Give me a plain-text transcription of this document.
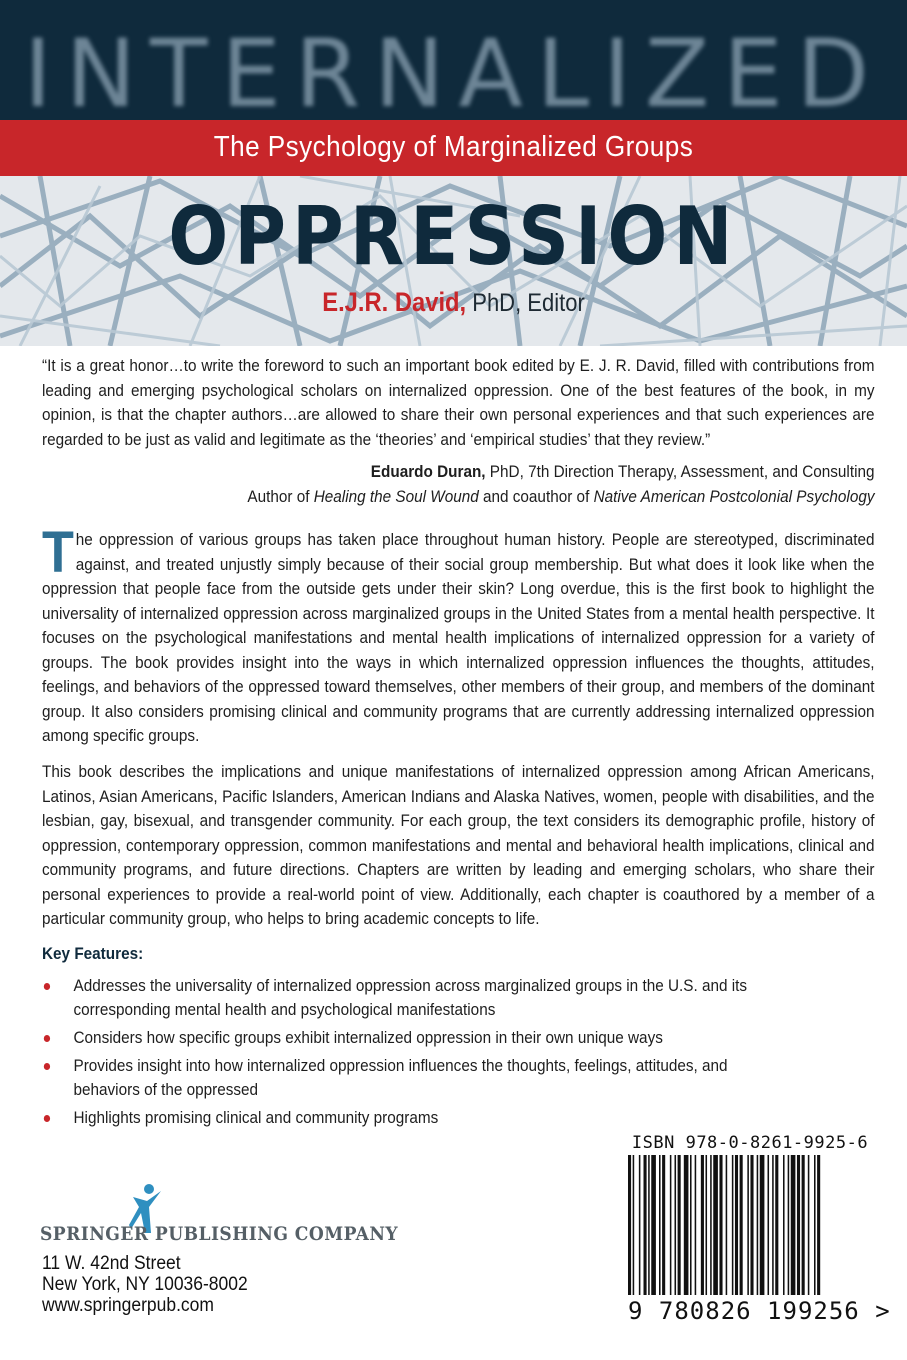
INTERNALIZED
The Psychology of Marginalized Groups
OPPRESSION
E.J.R. David, PhD, Editor

“It is a great honor…to write the foreword to such an important book edited by E. J. R. David, filled with contributions from leading and emerging psychological scholars on internalized oppression. One of the best features of the book, in my opinion, is that the chapter authors…are allowed to share their own personal experiences and that such experiences are regarded to be just as valid and legitimate as the ‘theories’ and ‘empirical studies’ that they review.”

Eduardo Duran, PhD, 7th Direction Therapy, Assessment, and Consulting
Author of Healing the Soul Wound and coauthor of Native American Postcolonial Psychology

The oppression of various groups has taken place throughout human history. People are stereotyped, discriminated against, and treated unjustly simply because of their social group membership. But what does it look like when the oppression that people face from the outside gets under their skin? Long overdue, this is the first book to highlight the universality of internalized oppression across marginalized groups in the United States from a mental health perspective. It focuses on the psychological manifestations and mental health implications of internalized oppression for a variety of groups. The book provides insight into the ways in which internalized oppression influences the thoughts, attitudes, feelings, and behaviors of the oppressed toward themselves, other members of their group, and members of the dominant group. It also considers promising clinical and community programs that are currently addressing internalized oppression among specific groups.

This book describes the implications and unique manifestations of internalized oppression among African Americans, Latinos, Asian Americans, Pacific Islanders, American Indians and Alaska Natives, women, people with disabilities, and the lesbian, gay, bisexual, and transgender community. For each group, the text considers its demographic profile, history of oppression, contemporary oppression, common manifestations and mental and behavioral health implications, clinical and community programs, and future directions. Chapters are written by leading and emerging scholars, who share their personal experiences to provide a real-world point of view. Additionally, each chapter is coauthored by a member of a particular community group, who helps to bring academic concepts to life.

Key Features:
Addresses the universality of internalized oppression across marginalized groups in the U.S. and its corresponding mental health and psychological manifestations
Considers how specific groups exhibit internalized oppression in their own unique ways
Provides insight into how internalized oppression influences the thoughts, feelings, attitudes, and behaviors of the oppressed
Highlights promising clinical and community programs
SPRINGER PUBLISHING COMPANY
11 W. 42nd Street
New York, NY 10036-8002
www.springerpub.com
ISBN 978-0-8261-9925-6
9 780826 199256 >
